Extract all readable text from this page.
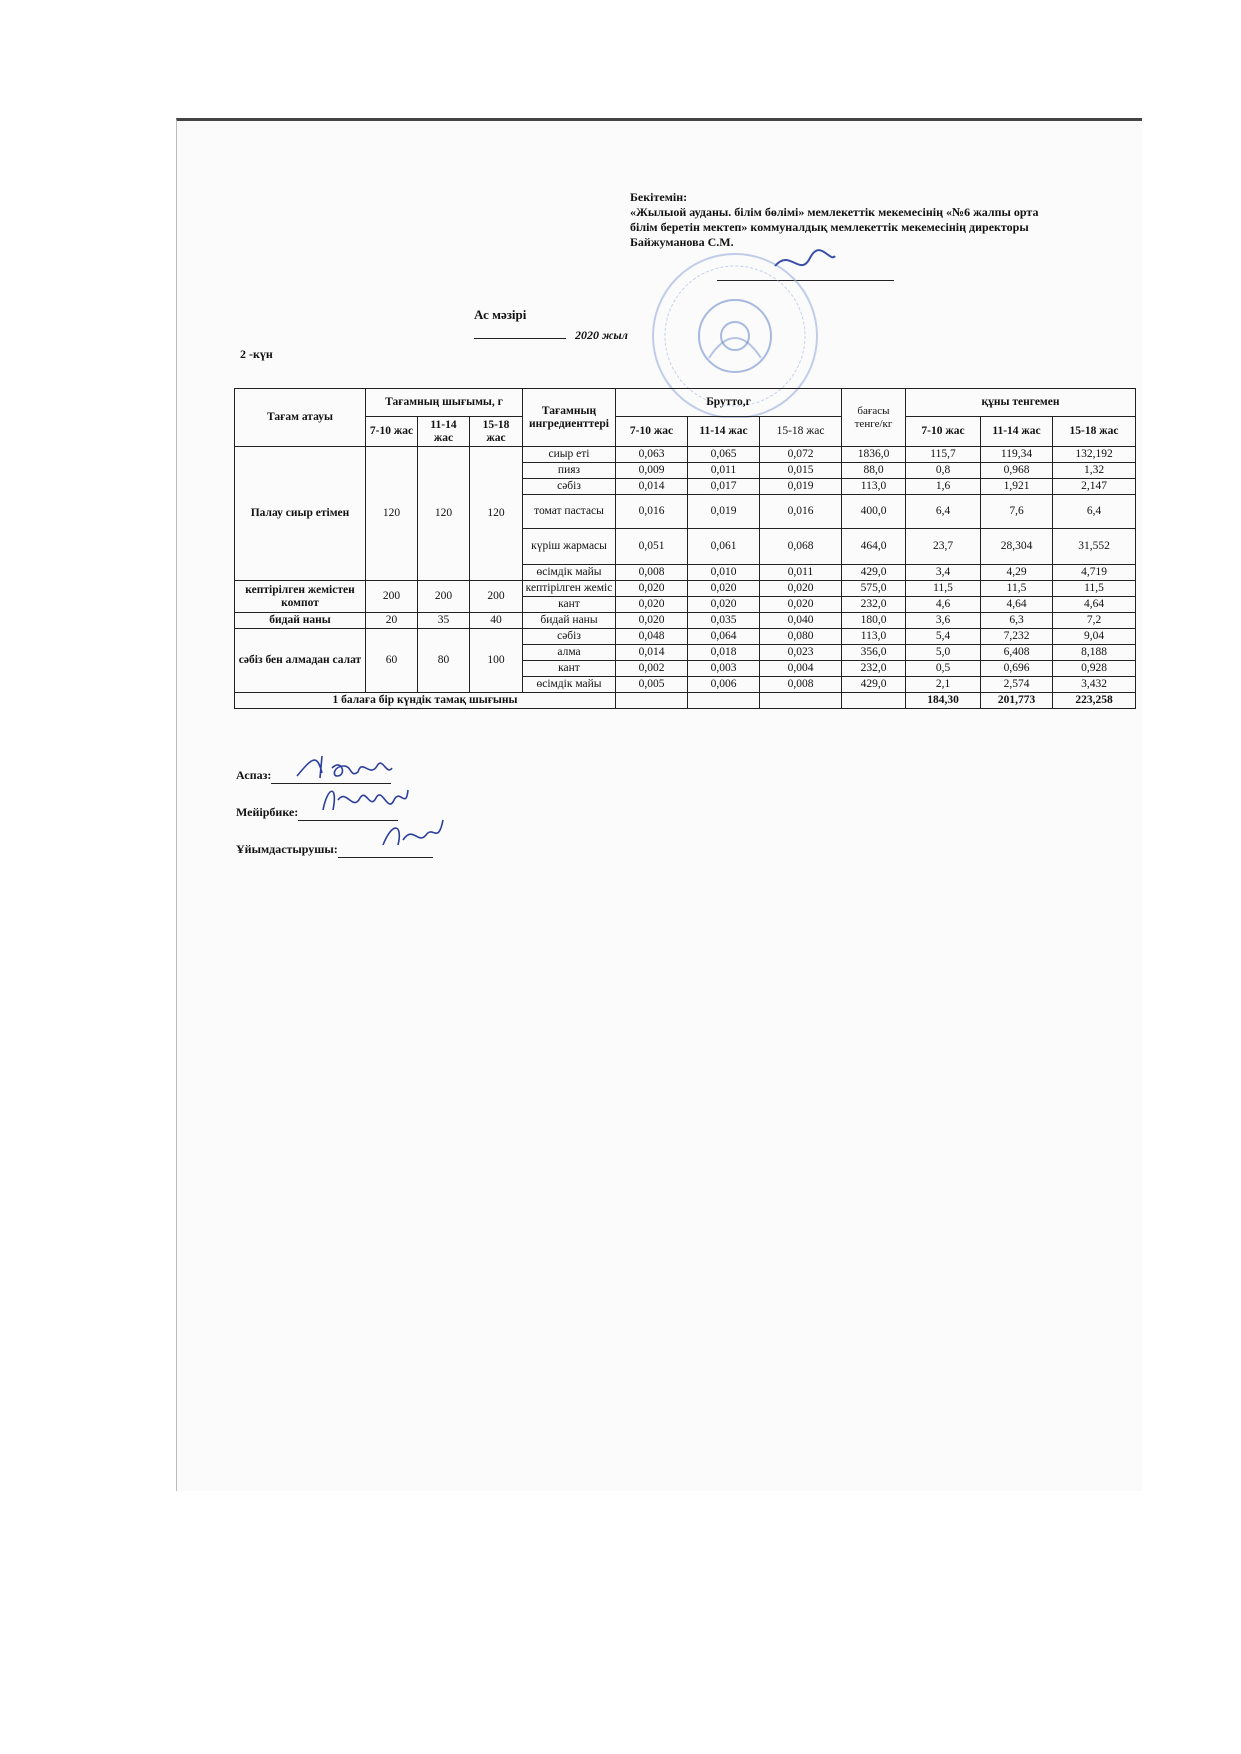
Бекітемін:
«Жылыой ауданы. білім бөлімі» мемлекеттік мекемесінің «№6 жалпы орта
білім беретін мектеп» коммуналдық мемлекеттік мекемесінің директоры
Байжуманова С.М.
Ас мәзірі
2020 жыл
2 -күн
Тағам атауы	Тағамның шығымы, г			Тағамның ингредиенттері	Брутто,г			бағасы тенге/кг	құны тенгемен		
	7-10 жас	11-14 жас	15-18 жас		7-10 жас	11-14 жас	15-18 жас		7-10 жас	11-14 жас	15-18 жас
Палау сиыр етімен	120	120	120	сиыр еті	0,063	0,065	0,072	1836,0	115,7	119,34	132,192
				пияз	0,009	0,011	0,015	88,0	0,8	0,968	1,32
				сәбіз	0,014	0,017	0,019	113,0	1,6	1,921	2,147
				томат пастасы	0,016	0,019	0,016	400,0	6,4	7,6	6,4
				күріш жармасы	0,051	0,061	0,068	464,0	23,7	28,304	31,552
				өсімдік майы	0,008	0,010	0,011	429,0	3,4	4,29	4,719
кептірілген жемістен компот	200	200	200	кептірілген жеміс	0,020	0,020	0,020	575,0	11,5	11,5	11,5
				кант	0,020	0,020	0,020	232,0	4,6	4,64	4,64
бидай наны	20	35	40	бидай наны	0,020	0,035	0,040	180,0	3,6	6,3	7,2
сәбіз бен алмадан салат	60	80	100	сәбіз	0,048	0,064	0,080	113,0	5,4	7,232	9,04
				алма	0,014	0,018	0,023	356,0	5,0	6,408	8,188
				кант	0,002	0,003	0,004	232,0	0,5	0,696	0,928
				өсімдік майы	0,005	0,006	0,008	429,0	2,1	2,574	3,432
1 балаға бір күндік тамақ шығыны									184,30	201,773	223,258
Аспаз:
Мейірбике:
Ұйымдастырушы:
